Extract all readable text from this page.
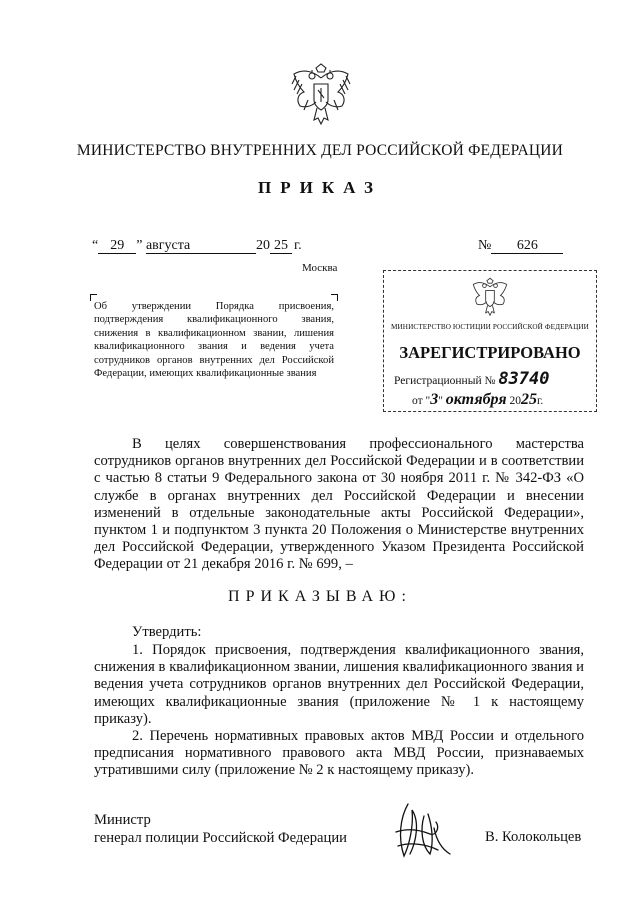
МИНИСТЕРСТВО ВНУТРЕННИХ ДЕЛ РОССИЙСКОЙ ФЕДЕРАЦИИ
ПРИКАЗ
“ 29 ” августа	20 25 г.	№ 626
Москва
Об утверждении Порядка присвоения, подтверждения квалификационного звания, снижения в квалификационном звании, лишения квалификационного звания и ведения учета сотрудников органов внутренних дел Российской Федерации, имеющих квалификационные звания
МИНИСТЕРСТВО ЮСТИЦИИ РОССИЙСКОЙ ФЕДЕРАЦИИ
ЗАРЕГИСТРИРОВАНО
Регистрационный № 83740
от "3" октября 2025г.
В целях совершенствования профессионального мастерства сотрудников органов внутренних дел Российской Федерации и в соответствии с частью 8 статьи 9 Федерального закона от 30 ноября 2011 г. № 342-ФЗ «О службе в органах внутренних дел Российской Федерации и внесении изменений в отдельные законодательные акты Российской Федерации», пунктом 1 и подпунктом 3 пункта 20 Положения о Министерстве внутренних дел Российской Федерации, утвержденного Указом Президента Российской Федерации от 21 декабря 2016 г. № 699, –
ПРИКАЗЫВАЮ:
Утвердить:
1. Порядок присвоения, подтверждения квалификационного звания, снижения в квалификационном звании, лишения квалификационного звания и ведения учета сотрудников органов внутренних дел Российской Федерации, имеющих квалификационные звания (приложение № 1 к настоящему приказу).
2. Перечень нормативных правовых актов МВД России и отдельного предписания нормативного правового акта МВД России, признаваемых утратившими силу (приложение № 2 к настоящему приказу).
Министр
генерал полиции Российской Федерации	В. Колокольцев
